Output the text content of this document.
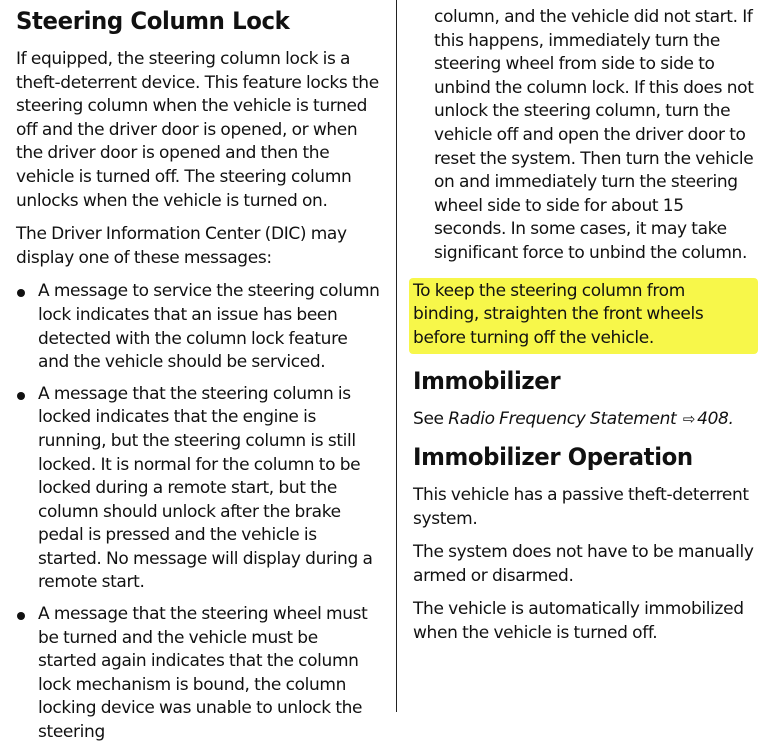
Steering Column Lock

If equipped, the steering column lock is a theft-deterrent device. This feature locks the steering column when the vehicle is turned off and the driver door is opened, or when the driver door is opened and then the vehicle is turned off. The steering column unlocks when the vehicle is turned on.

The Driver Information Center (DIC) may display one of these messages:

A message to service the steering column lock indicates that an issue has been detected with the column lock feature and the vehicle should be serviced.
A message that the steering column is locked indicates that the engine is running, but the steering column is still locked. It is normal for the column to be locked during a remote start, but the column should unlock after the brake pedal is pressed and the vehicle is started. No message will display during a remote start.
A message that the steering wheel must be turned and the vehicle must be started again indicates that the column lock mechanism is bound, the column locking device was unable to unlock the steering
column, and the vehicle did not start. If this happens, immediately turn the steering wheel from side to side to unbind the column lock. If this does not unlock the steering column, turn the vehicle off and open the driver door to reset the system. Then turn the vehicle on and immediately turn the steering wheel side to side for about 15 seconds. In some cases, it may take significant force to unbind the column.
To keep the steering column from binding, straighten the front wheels before turning off the vehicle.
Immobilizer

See Radio Frequency Statement ⇨ 408.

Immobilizer Operation

This vehicle has a passive theft-deterrent system.

The system does not have to be manually armed or disarmed.

The vehicle is automatically immobilized when the vehicle is turned off.
